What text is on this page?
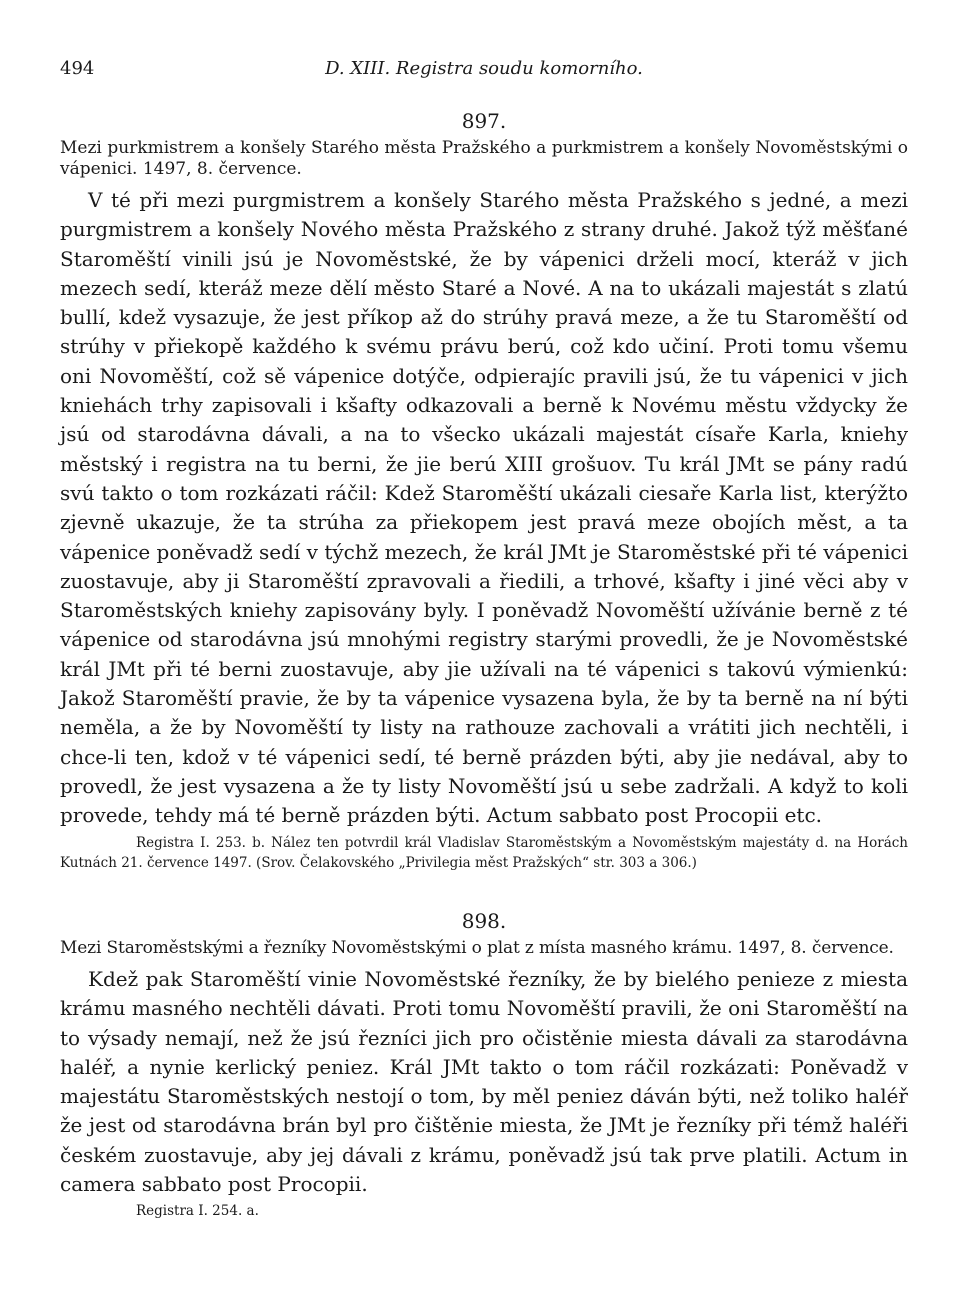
494	D. XIII. Registra soudu komorního.

897.

Mezi purkmistrem a konšely Starého města Pražského a purkmistrem a konšely Novoměstskými o vápenici. 1497, 8. července.

V té při mezi purgmistrem a konšely Starého města Pražského s jedné, a mezi purgmistrem a konšely Nového města Pražského z strany druhé. Jakož týž měšťané Staroměští vinili jsú je Novoměstské, že by vápenici drželi mocí, kteráž v jich mezech sedí, kteráž meze dělí město Staré a Nové. A na to ukázali majestát s zlatú bullí, kdež vysazuje, že jest příkop až do strúhy pravá meze, a že tu Staroměští od strúhy v přiekopě každého k svému právu berú, což kdo učiní. Proti tomu všemu oni Novoměští, což sě vápenice dotýče, odpierajíc pravili jsú, že tu vápenici v jich kniehách trhy zapisovali i kšafty odkazovali a berně k Novému městu vždycky že jsú od starodávna dávali, a na to všecko ukázali majestát císaře Karla, kniehy městský i registra na tu berni, že jie berú XIII grošuov. Tu král JMt se pány radú svú takto o tom rozkázati ráčil: Kdež Staroměští ukázali ciesaře Karla list, kterýžto zjevně ukazuje, že ta strúha za přiekopem jest pravá meze obojích měst, a ta vápenice poněvadž sedí v týchž mezech, že král JMt je Staroměstské při té vápenici zuostavuje, aby ji Staroměští zpravovali a řiedili, a trhové, kšafty i jiné věci aby v Staroměstských kniehy zapisovány byly. I poněvadž Novoměští užívánie berně z té vápenice od starodávna jsú mnohými registry starými provedli, že je Novoměstské král JMt při té berni zuostavuje, aby jie užívali na té vápenici s takovú výmienkú: Jakož Staroměští pravie, že by ta vápenice vysazena byla, že by ta berně na ní býti neměla, a že by Novoměští ty listy na rathouze zachovali a vrátiti jich nechtěli, i chce-li ten, kdož v té vápenici sedí, té berně prázden býti, aby jie nedával, aby to provedl, že jest vysazena a že ty listy Novoměští jsú u sebe zadržali. A když to koli provede, tehdy má té berně prázden býti. Actum sabbato post Procopii etc.

Registra I. 253. b. Nález ten potvrdil král Vladislav Staroměstským a Novoměstským majestáty d. na Horách Kutnách 21. července 1497. (Srov. Čelakovského „Privilegia měst Pražských“ str. 303 a 306.)

898.

Mezi Staroměstskými a řezníky Novoměstskými o plat z místa masného krámu. 1497, 8. července.

Kdež pak Staroměští vinie Novoměstské řezníky, že by bielého penieze z miesta krámu masného nechtěli dávati. Proti tomu Novoměští pravili, že oni Staroměští na to výsady nemají, než že jsú řezníci jich pro očistěnie miesta dávali za starodávna haléř, a nynie kerlický peniez. Král JMt takto o tom ráčil rozkázati: Poněvadž v majestátu Staroměstských nestojí o tom, by měl peniez dáván býti, než toliko haléř že jest od starodávna brán byl pro čištěnie miesta, že JMt je řezníky při témž haléři českém zuostavuje, aby jej dávali z krámu, poněvadž jsú tak prve platili. Actum in camera sabbato post Procopii.

Registra I. 254. a.
